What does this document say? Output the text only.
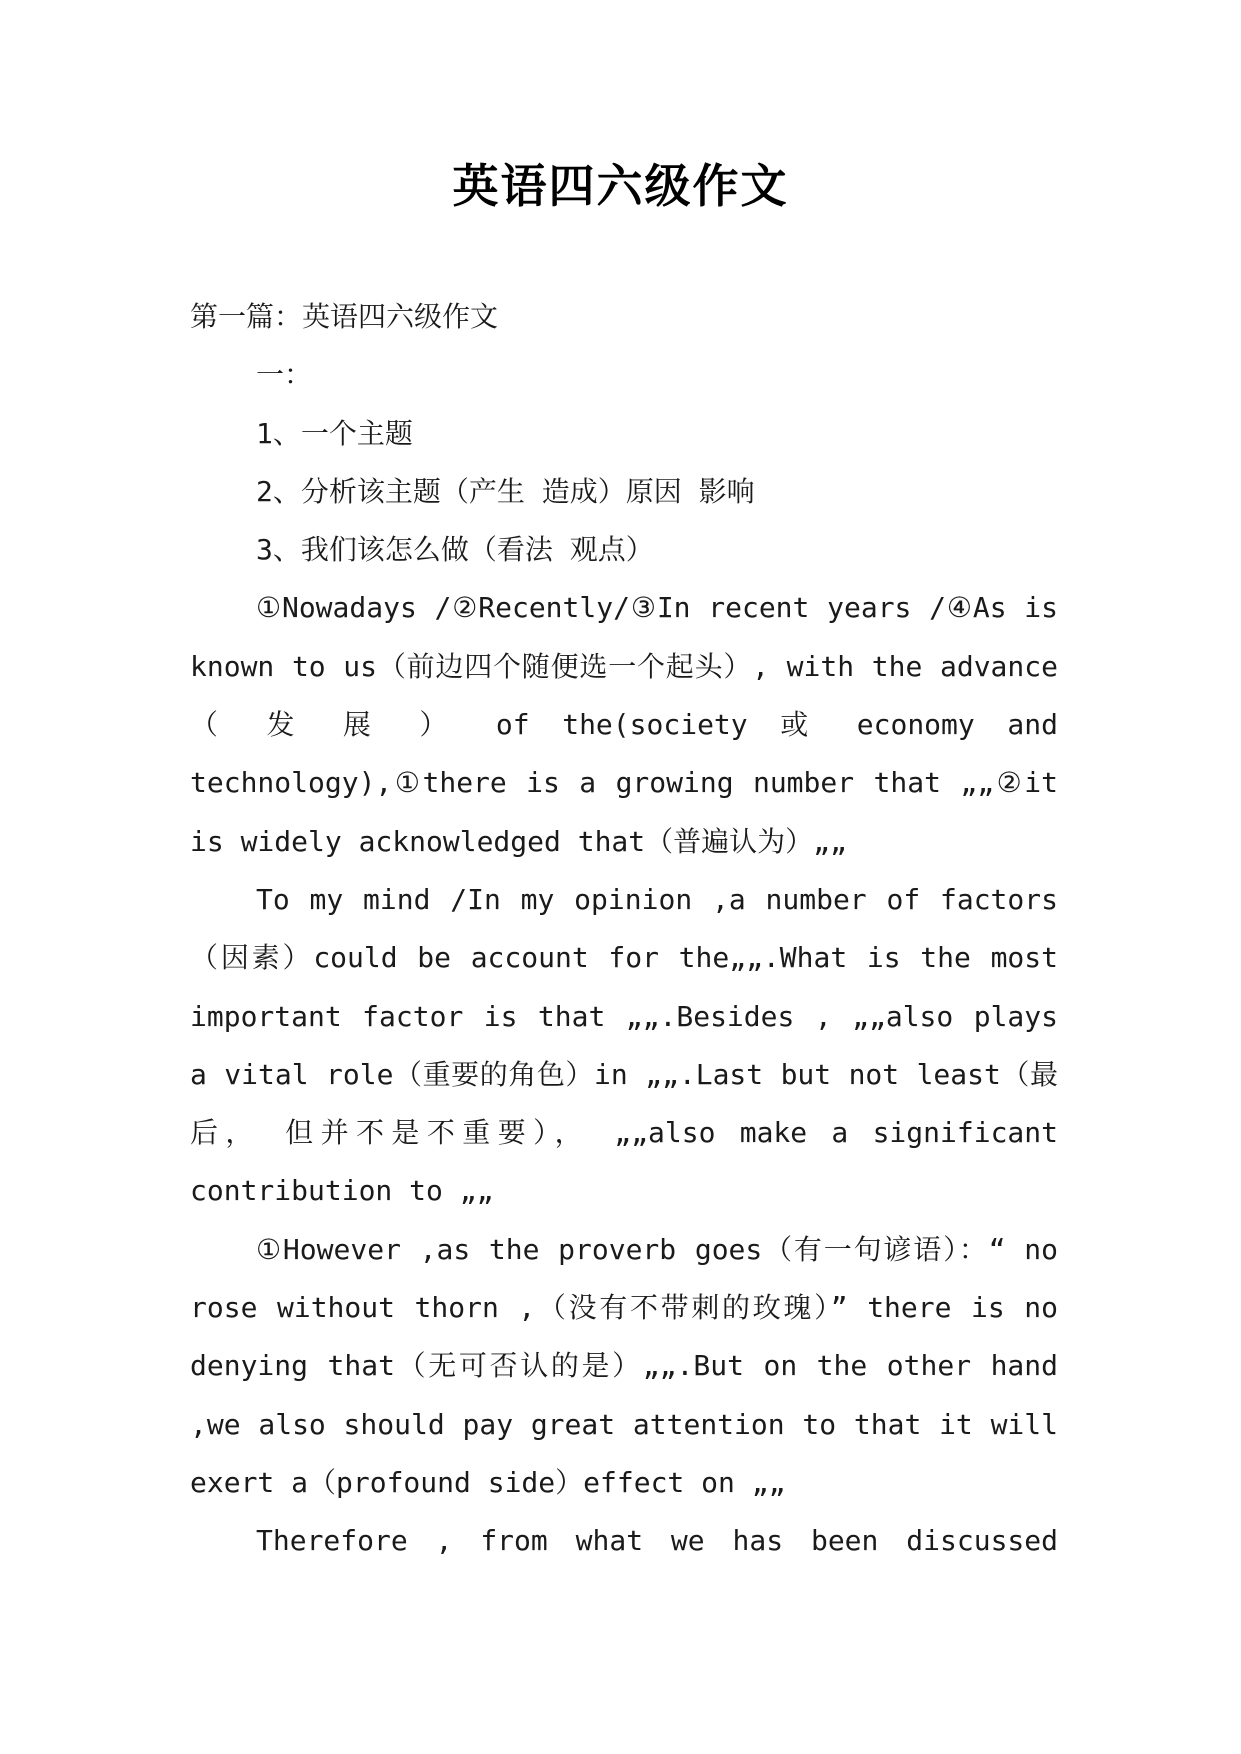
英语四六级作文

第一篇：英语四六级作文

一：

1、一个主题

2、分析该主题（产生 造成）原因 影响

3、我们该怎么做（看法 观点）

①Nowadays /②Recently/③In recent years /④As is known to us（前边四个随便选一个起头）, with the advance （ 发 展 ） of the(society 或 economy and technology),①there is a growing number that „„②it is widely acknowledged that（普遍认为）„„

To my mind /In my opinion ,a number of factors（因素）could be account for the„„.What is the most important factor is that „„.Besides , „„also plays a vital role（重要的角色）in „„.Last but not least（最后， 但并不是不重要）， „„also make a significant contribution to „„

①However ,as the proverb goes（有一句谚语）：“ no rose without thorn ,（没有不带刺的玫瑰）” there is no denying that（无可否认的是）„„.But on the other hand ,we also should pay great attention to that it will exert a（profound side）effect on „„

Therefore , from what we has been discussed
